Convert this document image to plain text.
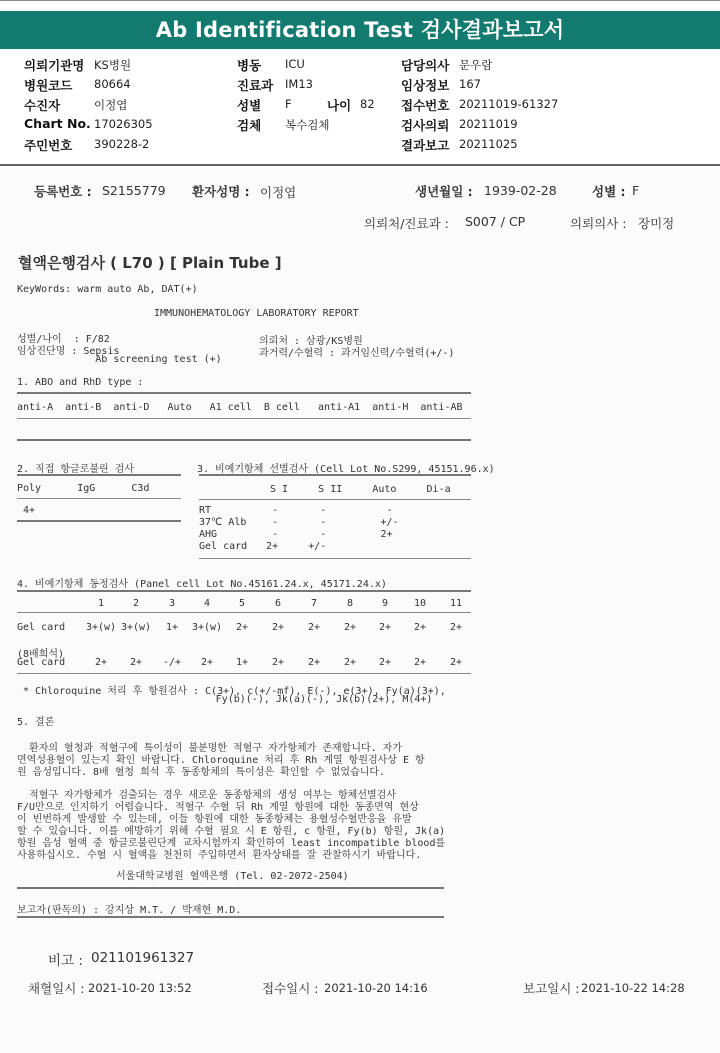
Ab Identification Test 검사결과보고서
의뢰기관명 KS병원
병원코드 80664
수진자	이정엽
Chart No. 17026305
주민번호 390228-2
병동 ICU
진료과 IM13
성별 F	나이 82
검체 복수검체
담당의사 문우람
임상정보 167
접수번호 20211019-61327
검사의뢰 20211019
결과보고 20211025
등록번호 : S2155779 환자성명 : 이정엽	생년월일 : 1939-02-28	성별 : F
의뢰처/진료과 : S007 / CP	의뢰의사 : 장미정
혈액은행검사 ( L70 ) [ Plain Tube ]
KeyWords: warm auto Ab, DAT(+)
IMMUNOHEMATOLOGY LABORATORY REPORT
성별/나이  : F/82
임상진단명 : Sepsis
Ab screening test (+)
의뢰처 : 삼광/KS병원
과거력/수혈력 : 과거임신력/수혈력(+/-)
1. ABO and RhD type :
anti-A  anti-B  anti-D   Auto   A1 cell  B cell   anti-A1  anti-H  anti-AB
2. 직접 항글로불린 검사	3. 비예기항체 선별검사 (Cell Lot No.S299, 45151.96.x)
Poly      IgG      C3d	S I     S II     Auto     Di-a
4+	RT	-       -          -
37℃ Alb -       -         +/-
AHG	-       -         2+
Gel card 2+     +/-
4. 비예기항체 동정검사 (Panel cell Lot No.45161.24.x, 45171.24.x)
1	2	3	4	5	6	7	8	9	10	11
Gel card	3+(w) 3+(w)	1+	3+(w)	2+	2+	2+	2+	2+	2+	2+
(8배희석)
Gel card	2+	2+	-/+	2+	1+	2+	2+	2+	2+	2+	2+
* Chloroquine 처리 후 항원검사 : C(3+), c(+/-mf), E(-), e(3+), Fy(a)(3+),
Fy(b)(-), Jk(a)(-), Jk(b)(2+), M(4+)
5. 결론
환자의 혈청과 적혈구에 특이성이 불분명한 적혈구 자가항체가 존재합니다. 자가
면역성용혈이 있는지 확인 바랍니다. Chloroquine 처리 후 Rh 계열 항원검사상 E 항
원 음성입니다. 8배 혈청 희석 후 동종항체의 특이성은 확인할 수 없었습니다.
적혈구 자가항체가 검출되는 경우 새로운 동종항체의 생성 여부는 항체선별검사
F/U만으로 인지하기 어렵습니다. 적혈구 수혈 뒤 Rh 계열 항원에 대한 동종면역 현상
이 빈번하게 발생할 수 있는데, 이들 항원에 대한 동종항체는 용혈성수혈반응을 유발
할 수 있습니다. 이를 예방하기 위해 수혈 필요 시 E 항원, c 항원, Fy(b) 항원, Jk(a)
항원 음성 혈액 중 항글로불린단계 교차시험까지 확인하여 least incompatible blood를
사용하십시오. 수혈 시 혈액을 천천히 주입하면서 환자상태를 잘 관찰하시기 바랍니다.
서울대학교병원 혈액은행 (Tel. 02-2072-2504)
보고자(판독의) : 강지상 M.T. / 박재현 M.D.
비고 : 021101961327
채혈일시 : 2021-10-20 13:52	접수일시 : 2021-10-20 14:16	보고일시 : 2021-10-22 14:28
